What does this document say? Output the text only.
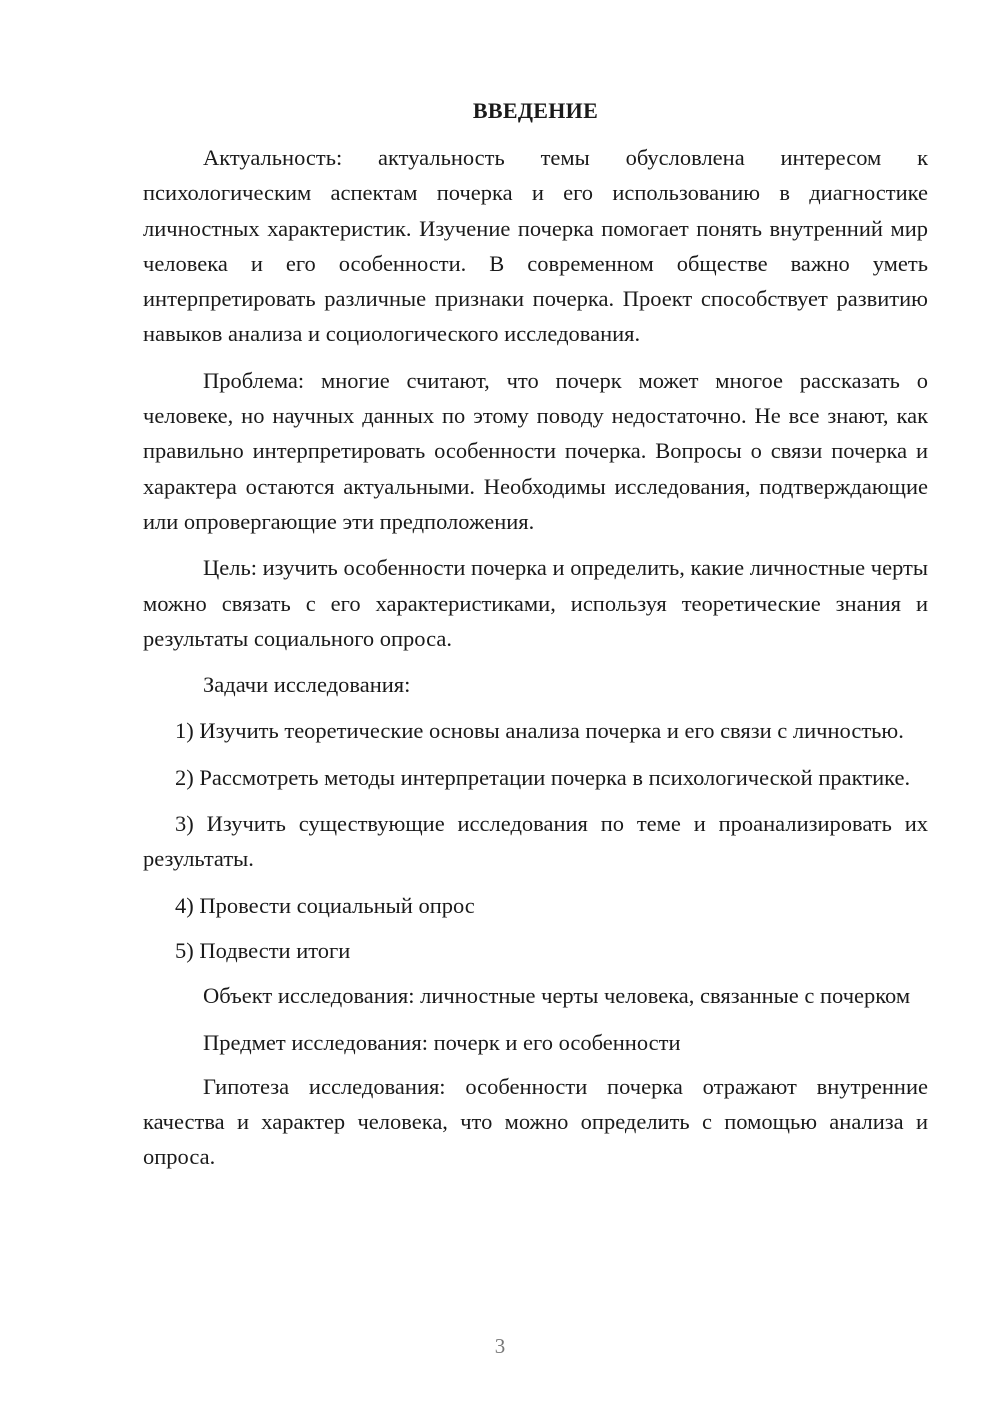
ВВЕДЕНИЕ

Актуальность: актуальность темы обусловлена интересом к психологическим аспектам почерка и его использованию в диагностике личностных характеристик. Изучение почерка помогает понять внутренний мир человека и его особенности. В современном обществе важно уметь интерпретировать различные признаки почерка. Проект способствует развитию навыков анализа и социологического исследования.

Проблема: многие считают, что почерк может многое рассказать о человеке, но научных данных по этому поводу недостаточно. Не все знают, как правильно интерпретировать особенности почерка. Вопросы о связи почерка и характера остаются актуальными. Необходимы исследования, подтверждающие или опровергающие эти предположения.

Цель: изучить особенности почерка и определить, какие личностные черты можно связать с его характеристиками, используя теоретические знания и результаты социального опроса.

Задачи исследования:

1) Изучить теоретические основы анализа почерка и его связи с личностью.

2) Рассмотреть методы интерпретации почерка в психологической практике.

3) Изучить существующие исследования по теме и проанализировать их результаты.

4) Провести социальный опрос

5) Подвести итоги

Объект исследования: личностные черты человека, связанные с почерком

Предмет исследования: почерк и его особенности

Гипотеза исследования: особенности почерка отражают внутренние качества и характер человека, что можно определить с помощью анализа и опроса.

3
